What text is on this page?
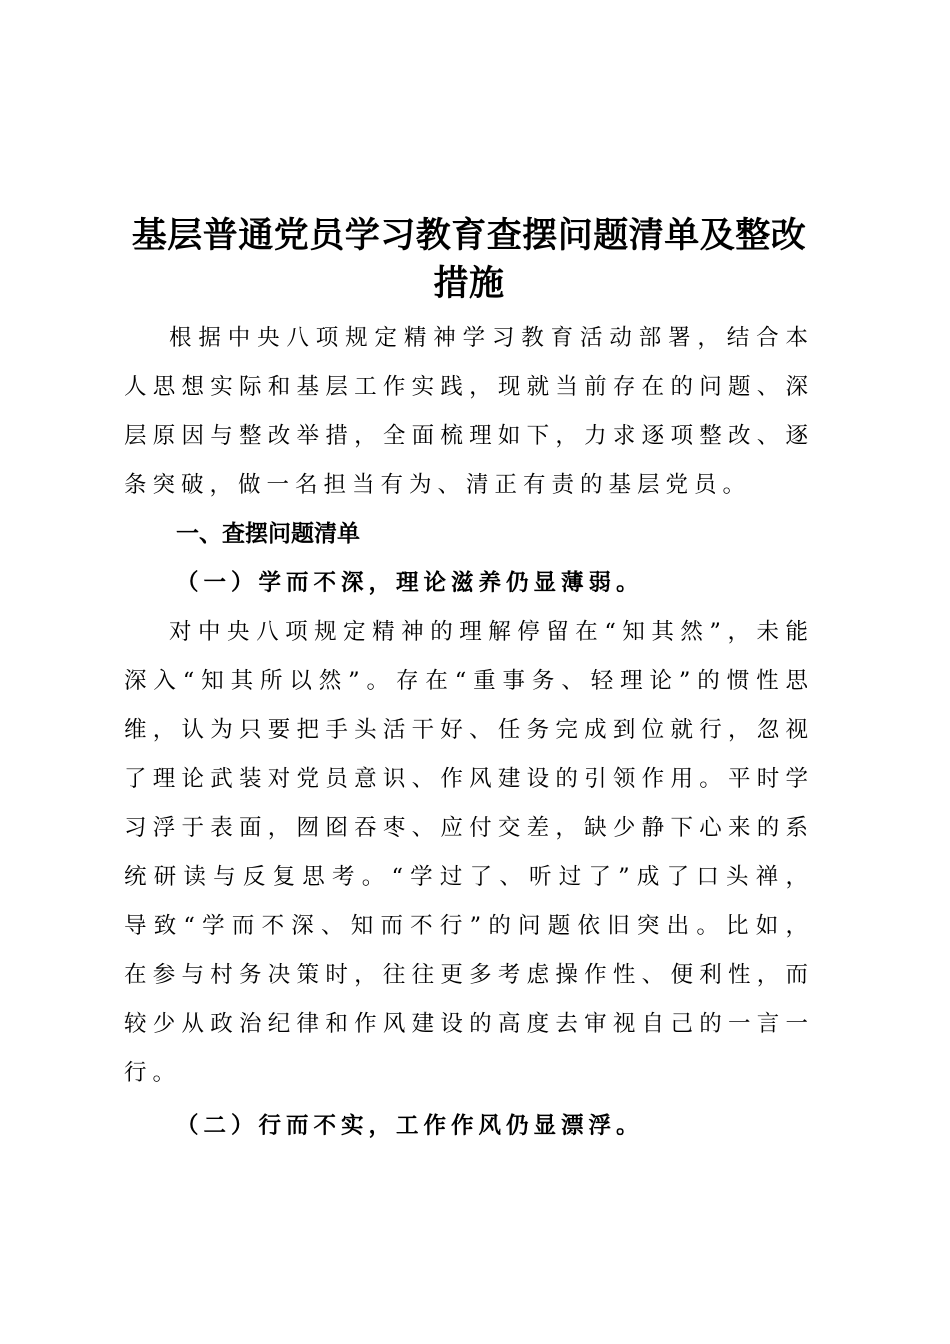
基层普通党员学习教育查摆问题清单及整改措施

根据中央八项规定精神学习教育活动部署，结合本人思想实际和基层工作实践，现就当前存在的问题、深层原因与整改举措，全面梳理如下，力求逐项整改、逐条突破，做一名担当有为、清正有责的基层党员。

一、查摆问题清单
（一）学而不深，理论滋养仍显薄弱。

对中央八项规定精神的理解停留在“知其然”，未能深入“知其所以然”。存在“重事务、轻理论”的惯性思维，认为只要把手头活干好、任务完成到位就行，忽视了理论武装对党员意识、作风建设的引领作用。平时学习浮于表面，囫囵吞枣、应付交差，缺少静下心来的系统研读与反复思考。“学过了、听过了”成了口头禅，导致“学而不深、知而不行”的问题依旧突出。比如，在参与村务决策时，往往更多考虑操作性、便利性，而较少从政治纪律和作风建设的高度去审视自己的一言一行。

（二）行而不实，工作作风仍显漂浮。
